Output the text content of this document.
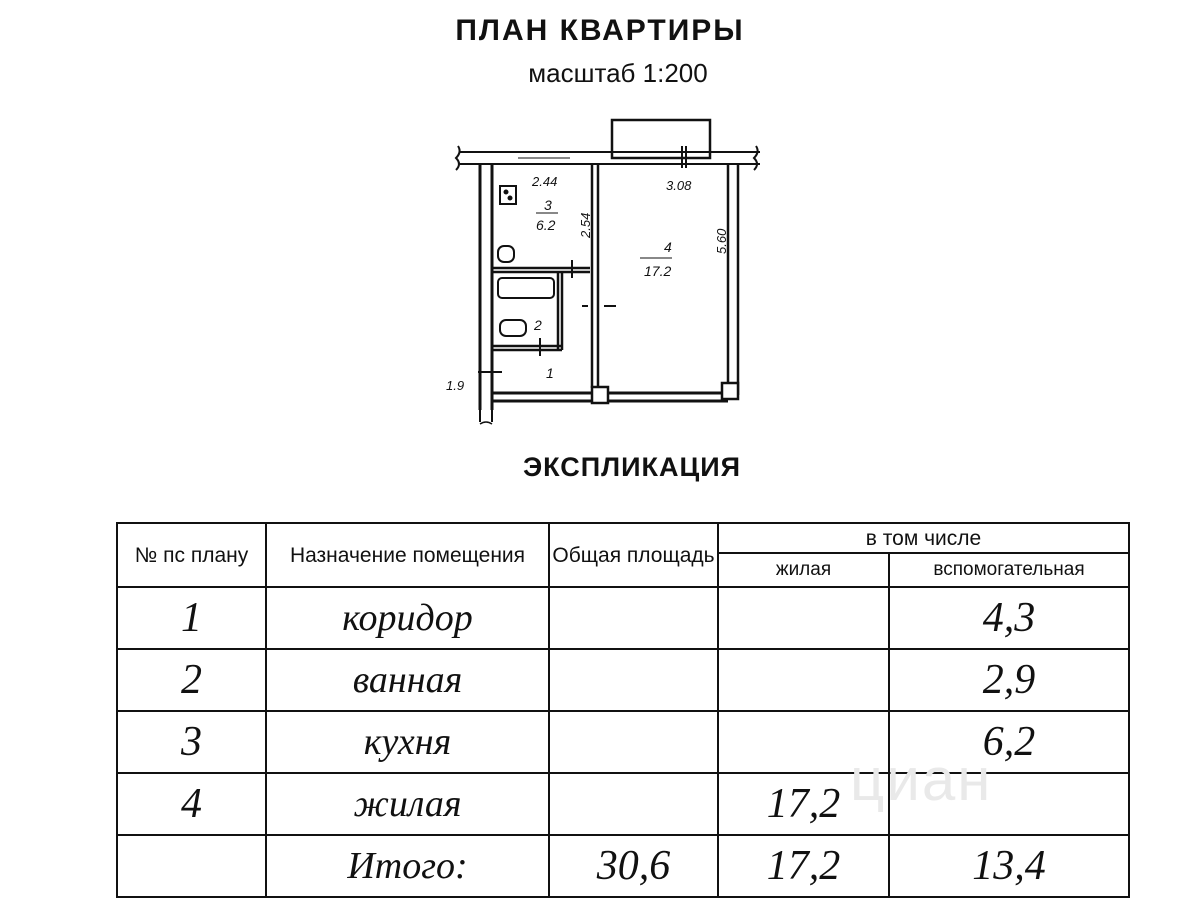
ПЛАН КВАРТИРЫ
масштаб 1:200
2.44	3.08
2.54
5.60
1.9
3
6.2
4
17.2
2
1
ЭКСПЛИКАЦИЯ
№ пс плану	Назначение помещения	Общая площадь	в том числе	
			жилая	вспомогательная
1	коридор			4,3
2	ванная			2,9
3	кухня			6,2
4	жилая		17,2	
	Итого:	30,6	17,2	13,4
циан
